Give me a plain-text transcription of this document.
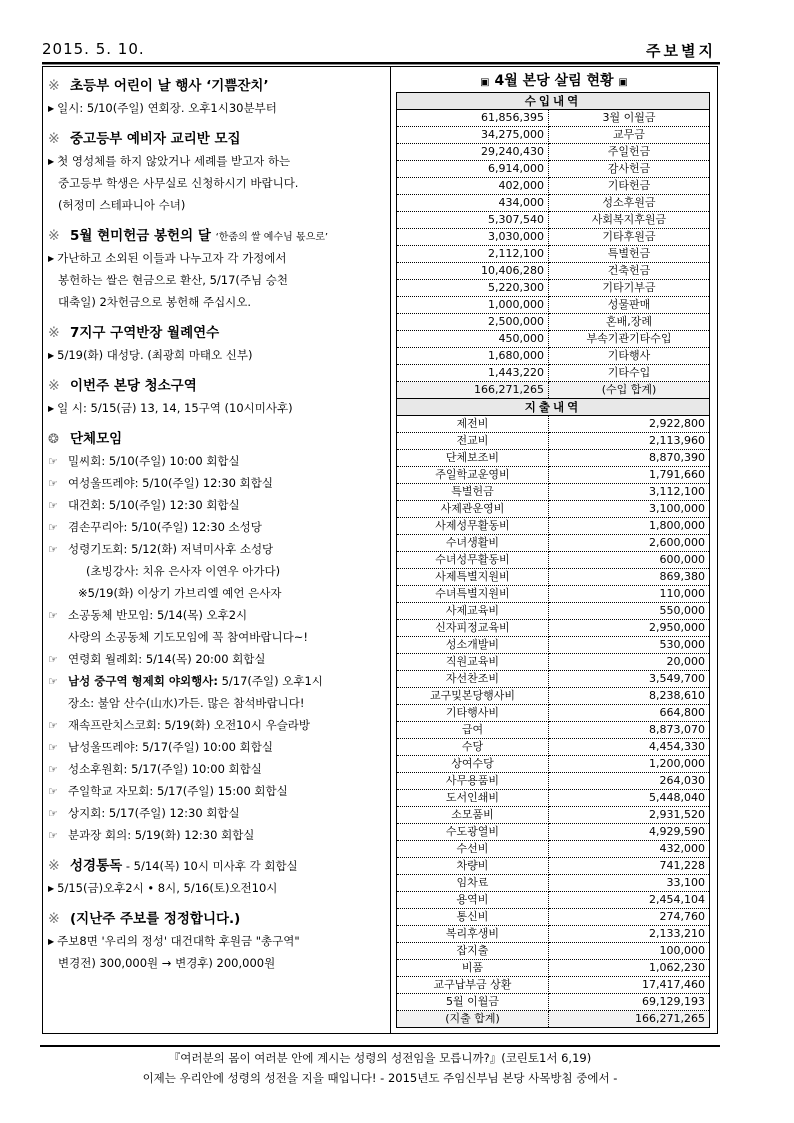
2015. 5. 10.	주보별지
※ 초등부 어린이 날 행사 ‘기쁨잔치’
▶ 일시: 5/10(주일) 연회장. 오후1시30분부터
※ 중고등부 예비자 교리반 모집
▶ 첫 영성체를 하지 않았거나 세례를 받고자 하는
중고등부 학생은 사무실로 신청하시기 바랍니다.
(허정미 스테파니아 수녀)
※ 5월 현미헌금 봉헌의 달 ‘한줌의 쌀 예수님 몫으로’
▶ 가난하고 소외된 이들과 나누고자 각 가정에서
봉헌하는 쌀은 현금으로 환산, 5/17(주님 승천
대축일) 2차헌금으로 봉헌해 주십시오.
※ 7지구 구역반장 월례연수
▶ 5/19(화) 대성당. (최광희 마태오 신부)
※ 이번주 본당 청소구역
▶ 일 시: 5/15(금) 13, 14, 15구역 (10시미사후)
❂ 단체모임
☞ 밀씨회: 5/10(주일) 10:00 회합실
☞ 여성울뜨레야: 5/10(주일) 12:30 회합실
☞ 대건회: 5/10(주일) 12:30 회합실
☞ 겸손꾸리아: 5/10(주일) 12:30 소성당
☞ 성령기도회: 5/12(화) 저녁미사후 소성당
(초빙강사: 치유 은사자 이연우 아가다)
※5/19(화) 이상기 가브리엘 예언 은사자
☞ 소공동체 반모임: 5/14(목) 오후2시
사랑의 소공동체 기도모임에 꼭 참여바랍니다~!
☞ 연령회 월례회: 5/14(목) 20:00 회합실
☞ 남성 중구역 형제회 야외행사: 5/17(주일) 오후1시
장소: 불암 산수(山水)가든. 많은 참석바랍니다!
☞ 재속프란치스코회: 5/19(화) 오전10시 우슬라방
☞ 남성울뜨레야: 5/17(주일) 10:00 회합실
☞ 성소후원회: 5/17(주일) 10:00 회합실
☞ 주일학교 자모회: 5/17(주일) 15:00 회합실
☞ 상지회: 5/17(주일) 12:30 회합실
☞ 분과장 회의: 5/19(화) 12:30 회합실
※ 성경통독 - 5/14(목) 10시 미사후 각 회합실
▶ 5/15(금)오후2시 • 8시, 5/16(토)오전10시
※ (지난주 주보를 정정합니다.)
▶ 주보8면 '우리의 정성' 대건대학 후원금 "총구역"
변경전) 300,000원 → 변경후) 200,000원
▣ 4월 본당 살림 현황 ▣
수입내역	
61,856,395	3월 이월금
34,275,000	교무금
29,240,430	주일헌금
6,914,000	감사헌금
402,000	기타헌금
434,000	성소후원금
5,307,540	사회복지후원금
3,030,000	기타후원금
2,112,100	특별헌금
10,406,280	건축헌금
5,220,300	기타기부금
1,000,000	성물판매
2,500,000	혼배,장례
450,000	부속기관기타수입
1,680,000	기타행사
1,443,220	기타수입
166,271,265	(수입 합계)
지출내역	
제전비	2,922,800
전교비	2,113,960
단체보조비	8,870,390
주일학교운영비	1,791,660
특별헌금	3,112,100
사제관운영비	3,100,000
사제성무활동비	1,800,000
수녀생활비	2,600,000
수녀성무활동비	600,000
사제특별지원비	869,380
수녀특별지원비	110,000
사제교육비	550,000
신자피정교육비	2,950,000
성소개발비	530,000
직원교육비	20,000
자선찬조비	3,549,700
교구및본당행사비	8,238,610
기타행사비	664,800
급여	8,873,070
수당	4,454,330
상여수당	1,200,000
사무용품비	264,030
도서인쇄비	5,448,040
소모품비	2,931,520
수도광열비	4,929,590
수선비	432,000
차량비	741,228
임차료	33,100
용역비	2,454,104
통신비	274,760
복리후생비	2,133,210
잡지출	100,000
비품	1,062,230
교구납부금 상환	17,417,460
5월 이월금	69,129,193
(지출 합계)	166,271,265
『여러분의 몸이 여러분 안에 계시는 성령의 성전임을 모릅니까?』(코린토1서 6,19)
이제는 우리안에 성령의 성전을 지을 때입니다! - 2015년도 주임신부님 본당 사목방침 중에서 -
